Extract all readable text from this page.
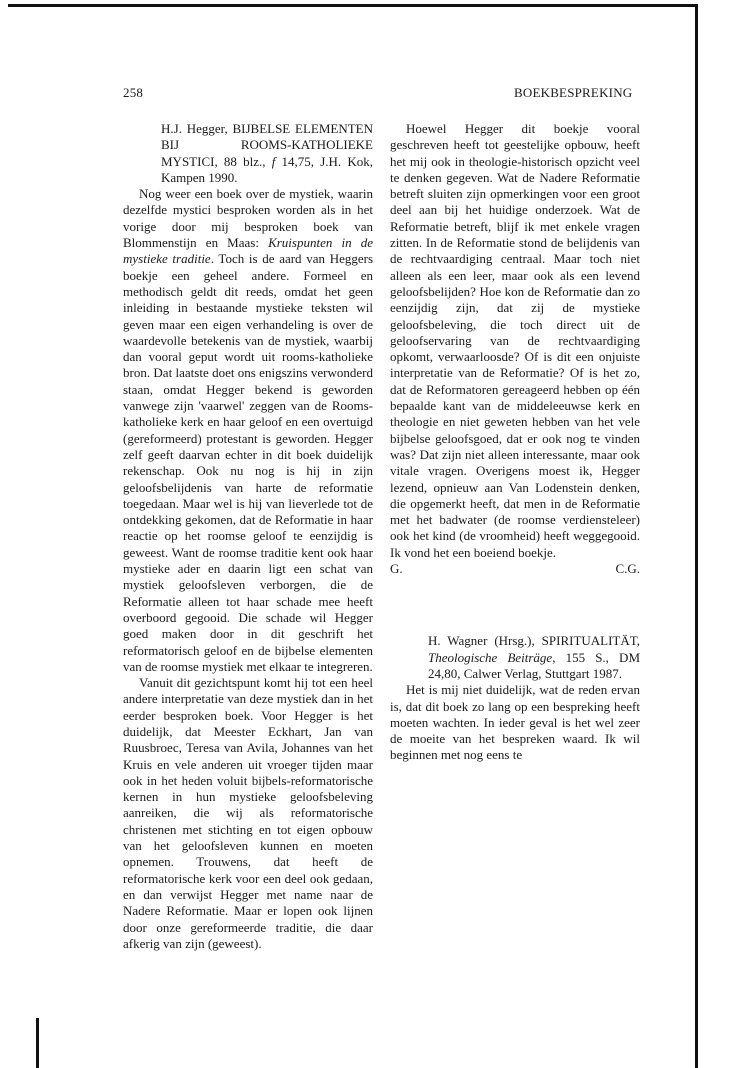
258	BOEKBESPREKING

H.J. Hegger, BIJBELSE ELEMENTEN BIJ ROOMS-KATHOLIEKE MYSTICI, 88 blz., f 14,75, J.H. Kok, Kampen 1990.

Nog weer een boek over de mystiek, waarin dezelfde mystici besproken worden als in het vorige door mij besproken boek van Blommenstijn en Maas: Kruispunten in de mystieke traditie. Toch is de aard van Heggers boekje een geheel andere. Formeel en methodisch geldt dit reeds, omdat het geen inleiding in bestaande mystieke teksten wil geven maar een eigen verhandeling is over de waardevolle betekenis van de mystiek, waarbij dan vooral geput wordt uit rooms-katholieke bron. Dat laatste doet ons enigszins verwonderd staan, omdat Hegger bekend is geworden vanwege zijn 'vaarwel' zeggen van de Rooms-katholieke kerk en haar geloof en een overtuigd (gereformeerd) protestant is geworden. Hegger zelf geeft daarvan echter in dit boek duidelijk rekenschap. Ook nu nog is hij in zijn geloofsbelijdenis van harte de reformatie toegedaan. Maar wel is hij van lieverlede tot de ontdekking gekomen, dat de Reformatie in haar reactie op het roomse geloof te eenzijdig is geweest. Want de roomse traditie kent ook haar mystieke ader en daarin ligt een schat van mystiek geloofsleven verborgen, die de Reformatie alleen tot haar schade mee heeft overboord gegooid. Die schade wil Hegger goed maken door in dit geschrift het reformatorisch geloof en de bijbelse elementen van de roomse mystiek met elkaar te integreren.

Vanuit dit gezichtspunt komt hij tot een heel andere interpretatie van deze mystiek dan in het eerder besproken boek. Voor Hegger is het duidelijk, dat Meester Eckhart, Jan van Ruusbroec, Teresa van Avila, Johannes van het Kruis en vele anderen uit vroeger tijden maar ook in het heden voluit bijbels-reformatorische kernen in hun mystieke geloofsbeleving aanreiken, die wij als reformatorische christenen met stichting en tot eigen opbouw van het geloofsleven kunnen en moeten opnemen. Trouwens, dat heeft de reformatorische kerk voor een deel ook gedaan, en dan verwijst Hegger met name naar de Nadere Reformatie. Maar er lopen ook lijnen door onze gereformeerde traditie, die daar afkerig van zijn (geweest).

Hoewel Hegger dit boekje vooral geschreven heeft tot geestelijke opbouw, heeft het mij ook in theologie-historisch opzicht veel te denken gegeven. Wat de Nadere Reformatie betreft sluiten zijn opmerkingen voor een groot deel aan bij het huidige onderzoek. Wat de Reformatie betreft, blijf ik met enkele vragen zitten. In de Reformatie stond de belijdenis van de rechtvaardiging centraal. Maar toch niet alleen als een leer, maar ook als een levend geloofsbelijden? Hoe kon de Reformatie dan zo eenzijdig zijn, dat zij de mystieke geloofsbeleving, die toch direct uit de geloofservaring van de rechtvaardiging opkomt, verwaarloosde? Of is dit een onjuiste interpretatie van de Reformatie? Of is het zo, dat de Reformatoren gereageerd hebben op één bepaalde kant van de middeleeuwse kerk en theologie en niet geweten hebben van het vele bijbelse geloofsgoed, dat er ook nog te vinden was? Dat zijn niet alleen interessante, maar ook vitale vragen. Overigens moest ik, Hegger lezend, opnieuw aan Van Lodenstein denken, die opgemerkt heeft, dat men in de Reformatie met het badwater (de roomse verdiensteleer) ook het kind (de vroomheid) heeft weggegooid. Ik vond het een boeiend boekje.

G.	C.G.

H. Wagner (Hrsg.), SPIRITUALITÄT, Theologische Beiträge, 155 S., DM 24,80, Calwer Verlag, Stuttgart 1987.

Het is mij niet duidelijk, wat de reden ervan is, dat dit boek zo lang op een bespreking heeft moeten wachten. In ieder geval is het wel zeer de moeite van het bespreken waard. Ik wil beginnen met nog eens te
